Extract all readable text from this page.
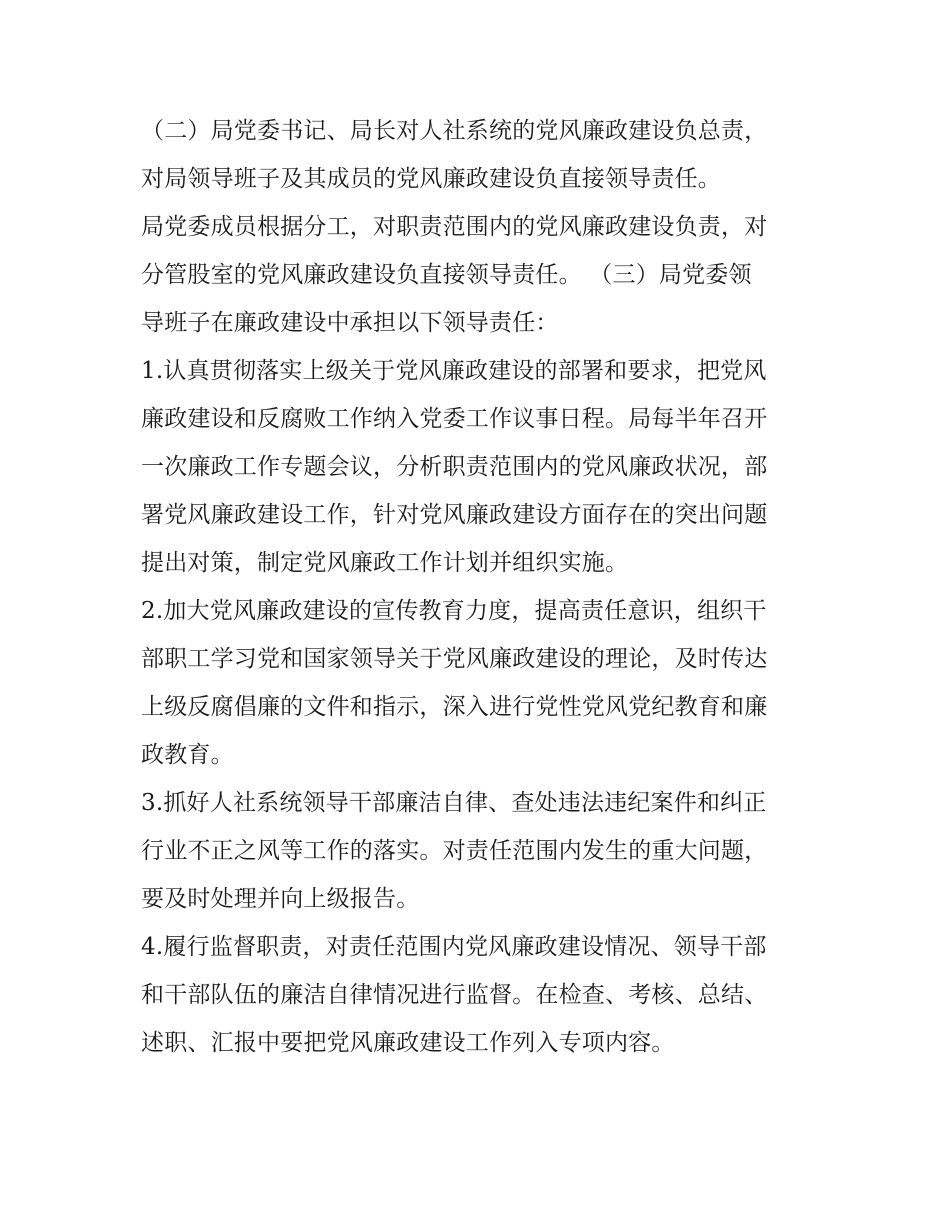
（二）局党委书记、局长对人社系统的党风廉政建设负总责，
对局领导班子及其成员的党风廉政建设负直接领导责任。
局党委成员根据分工，对职责范围内的党风廉政建设负责，对
分管股室的党风廉政建设负直接领导责任。 （三）局党委领
导班子在廉政建设中承担以下领导责任：
1.认真贯彻落实上级关于党风廉政建设的部署和要求，把党风
廉政建设和反腐败工作纳入党委工作议事日程。局每半年召开
一次廉政工作专题会议，分析职责范围内的党风廉政状况，部
署党风廉政建设工作，针对党风廉政建设方面存在的突出问题
提出对策，制定党风廉政工作计划并组织实施。
2.加大党风廉政建设的宣传教育力度，提高责任意识，组织干
部职工学习党和国家领导关于党风廉政建设的理论，及时传达
上级反腐倡廉的文件和指示，深入进行党性党风党纪教育和廉
政教育。
3.抓好人社系统领导干部廉洁自律、查处违法违纪案件和纠正
行业不正之风等工作的落实。对责任范围内发生的重大问题，
要及时处理并向上级报告。
4.履行监督职责，对责任范围内党风廉政建设情况、领导干部
和干部队伍的廉洁自律情况进行监督。在检查、考核、总结、
述职、汇报中要把党风廉政建设工作列入专项内容。
